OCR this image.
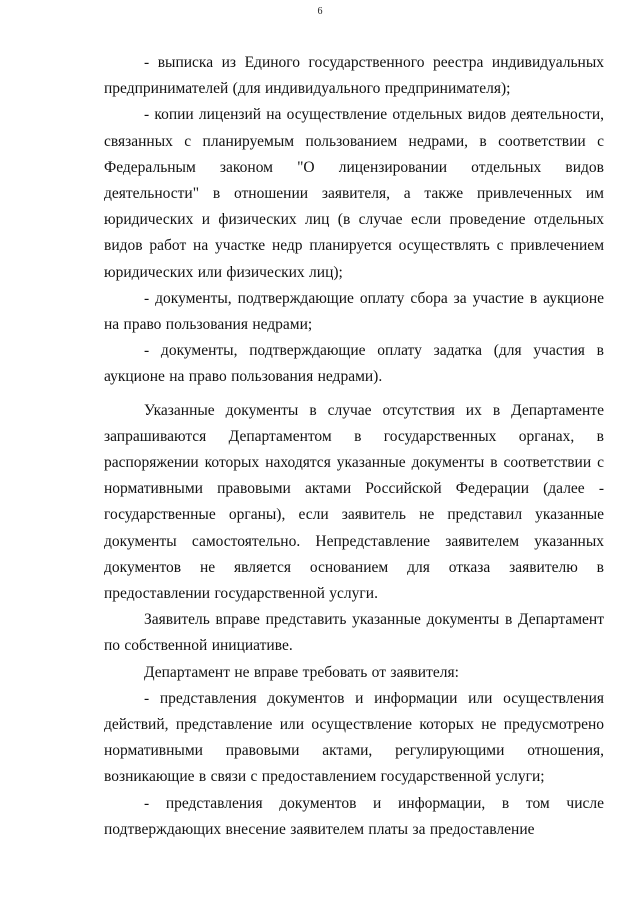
6

- выписка из Единого государственного реестра индивидуальных предпринимателей (для индивидуального предпринимателя);

- копии лицензий на осуществление отдельных видов деятельности, связанных с планируемым пользованием недрами, в соответствии с Федеральным законом "О лицензировании отдельных видов деятельности" в отношении заявителя, а также привлеченных им юридических и физических лиц (в случае если проведение отдельных видов работ на участке недр планируется осуществлять с привлечением юридических или физических лиц);

- документы, подтверждающие оплату сбора за участие в аукционе на право пользования недрами;

- документы, подтверждающие оплату задатка (для участия в аукционе на право пользования недрами).

Указанные документы в случае отсутствия их в Департаменте запрашиваются Департаментом в государственных органах, в распоряжении которых находятся указанные документы в соответствии с нормативными правовыми актами Российской Федерации (далее - государственные органы), если заявитель не представил указанные документы самостоятельно. Непредставление заявителем указанных документов не является основанием для отказа заявителю в предоставлении государственной услуги.

Заявитель вправе представить указанные документы в Департамент по собственной инициативе.

Департамент не вправе требовать от заявителя:

- представления документов и информации или осуществления действий, представление или осуществление которых не предусмотрено нормативными правовыми актами, регулирующими отношения, возникающие в связи с предоставлением государственной услуги;

- представления документов и информации, в том числе подтверждающих внесение заявителем платы за предоставление
